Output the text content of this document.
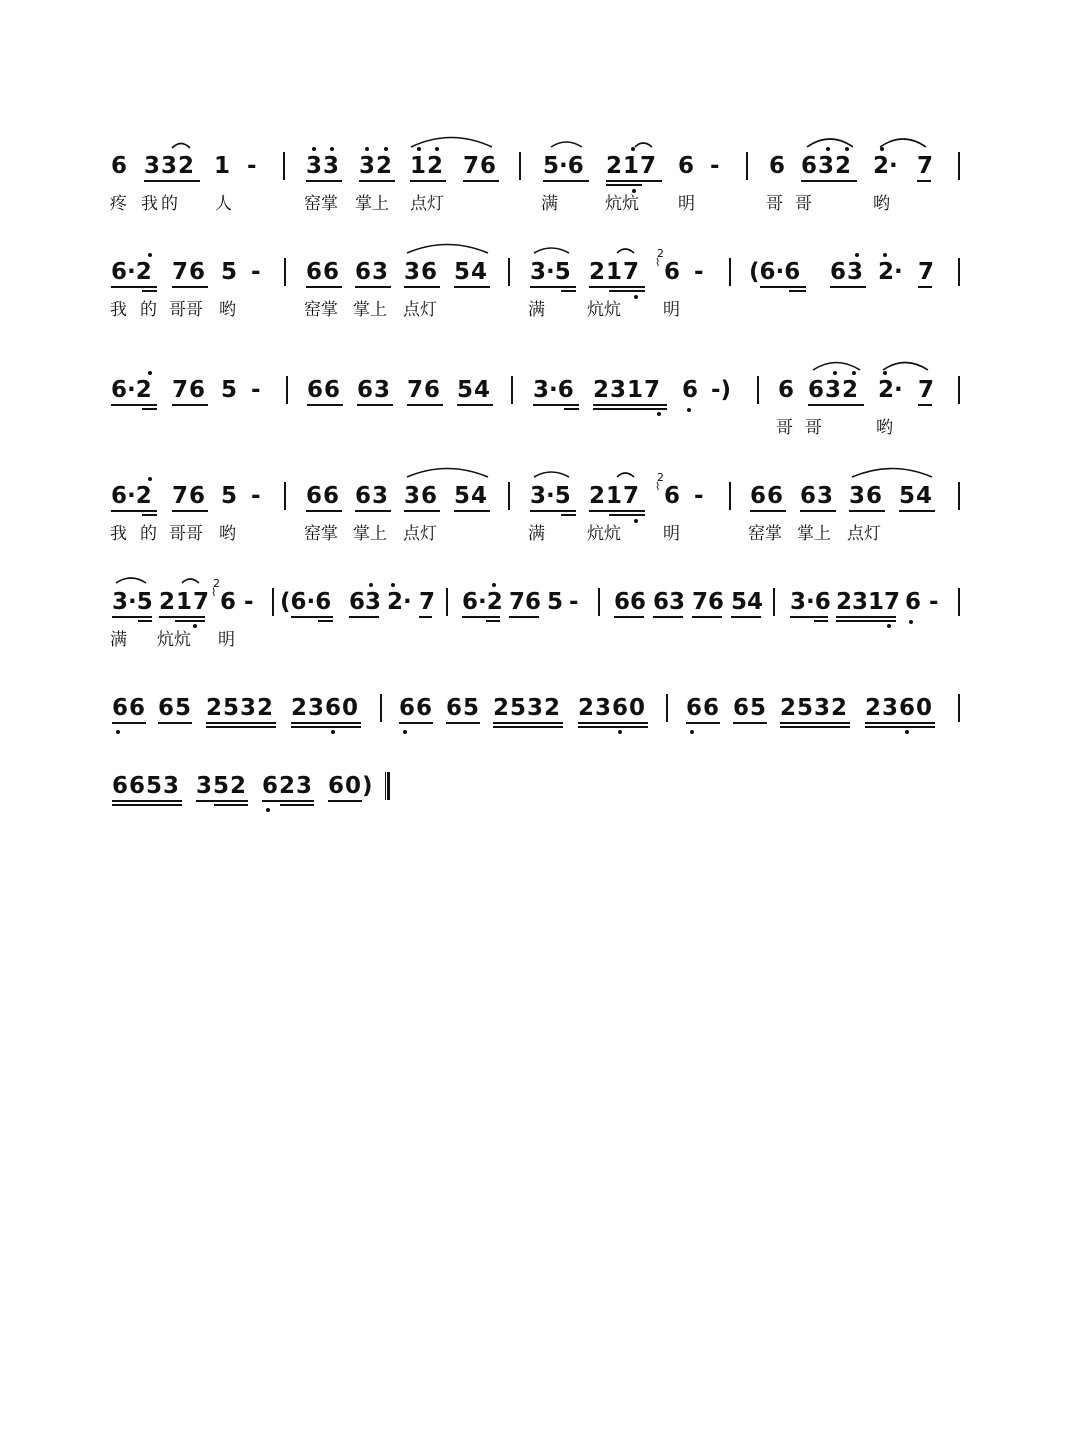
6 332 1 - 33 32 12 76 5·6 217 6 - 6 632 2· 7
疼 我的 人	窑掌 掌上 点灯	满	炕炕 明	哥哥	哟
6·2 76 5 - 66 63 36 54 3·5 217
2
⌇ 6 - (6·6 63 2· 7
我 的 哥哥 哟	窑掌 掌上 点灯	满 炕炕 明
6·2 76 5 - 66 63 76 54 3·6 2317 6 -) 6 632 2· 7
哥哥 哟
6·2 76 5 - 66 63 36 54 3·5 217
2
⌇ 6 - 66 63 36 54
我 的 哥哥 哟	窑掌 掌上 点灯	满 炕炕 明	窑掌 掌上 点灯
3·5 217
2
⌇ 6 - (6·6 63 2· 7 6·2 76 5 - 66 63 76 54 3·6 2317 6 -
满 炕炕 明
66 65 2532 2360 66 65 2532 2360 66 65 2532 2360
6653 352 623 60)
